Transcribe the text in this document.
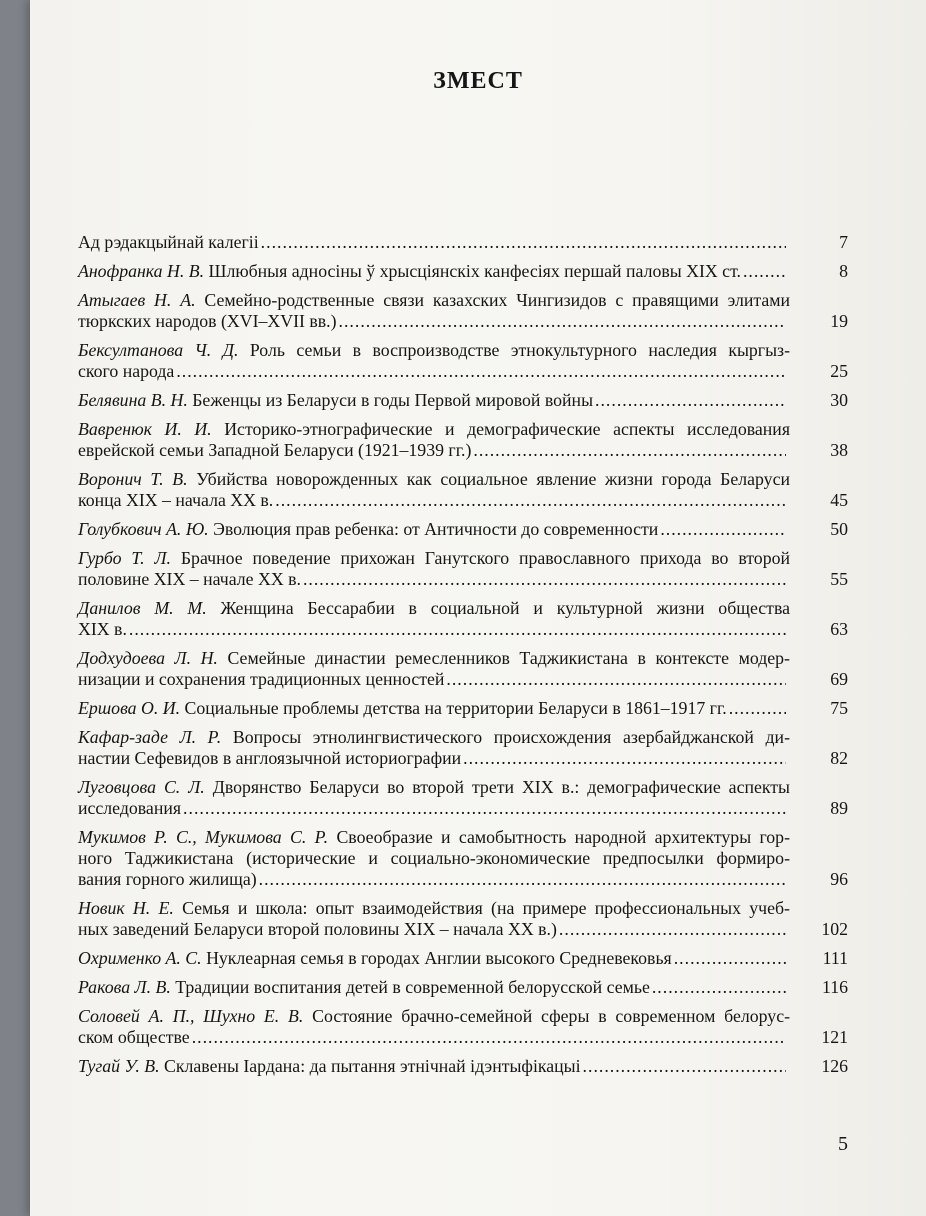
ЗМЕСТ
Ад рэдакцыйнай калегіі .....	7
Анофранка Н. В. Шлюбныя адносіны ў хрысціянскіх канфесіях першай паловы XIX ст. .....	8
Атыгаев Н. А. Семейно-родственные связи казахских Чингизидов с правящими элитами
тюркских народов (XVI–XVII вв.) .....	19
Бексултанова Ч. Д. Роль семьи в воспроизводстве этнокультурного наследия кыргыз-
ского народа .....	25
Белявина В. Н. Беженцы из Беларуси в годы Первой мировой войны .....	30
Вавренюк И. И. Историко-этнографические и демографические аспекты исследования
еврейской семьи Западной Беларуси (1921–1939 гг.) .....	38
Воронич Т. В. Убийства новорожденных как социальное явление жизни города Беларуси
конца XIX – начала XX в. .....	45
Голубкович А. Ю. Эволюция прав ребенка: от Античности до современности .....	50
Гурбо Т. Л. Брачное поведение прихожан Ганутского православного прихода во второй
половине XIX – начале XX в. .....	55
Данилов М. М. Женщина Бессарабии в социальной и культурной жизни общества
XIX в. .....	63
Додхудоева Л. Н. Семейные династии ремесленников Таджикистана в контексте модер-
низации и сохранения традиционных ценностей .....	69
Ершова О. И. Социальные проблемы детства на территории Беларуси в 1861–1917 гг. .....	75
Кафар-заде Л. Р. Вопросы этнолингвистического происхождения азербайджанской ди-
настии Сефевидов в англоязычной историографии .....	82
Луговцова С. Л. Дворянство Беларуси во второй трети XIX в.: демографические аспекты
исследования .....	89
Мукимов Р. С., Мукимова С. Р. Своеобразие и самобытность народной архитектуры гор-
ного Таджикистана (исторические и социально-экономические предпосылки формиро-
вания горного жилища) .....	96
Новик Н. Е. Семья и школа: опыт взаимодействия (на примере профессиональных учеб-
ных заведений Беларуси второй половины XIX – начала XX в.) .....	102
Охрименко А. С. Нуклеарная семья в городах Англии высокого Средневековья .....	111
Ракова Л. В. Традиции воспитания детей в современной белорусской семье .....	116
Соловей А. П., Шухно Е. В. Состояние брачно-семейной сферы в современном белорус-
ском обществе .....	121
Тугай У. В. Склавены Іардана: да пытання этнічнай ідэнтыфікацыі .....	126
5
